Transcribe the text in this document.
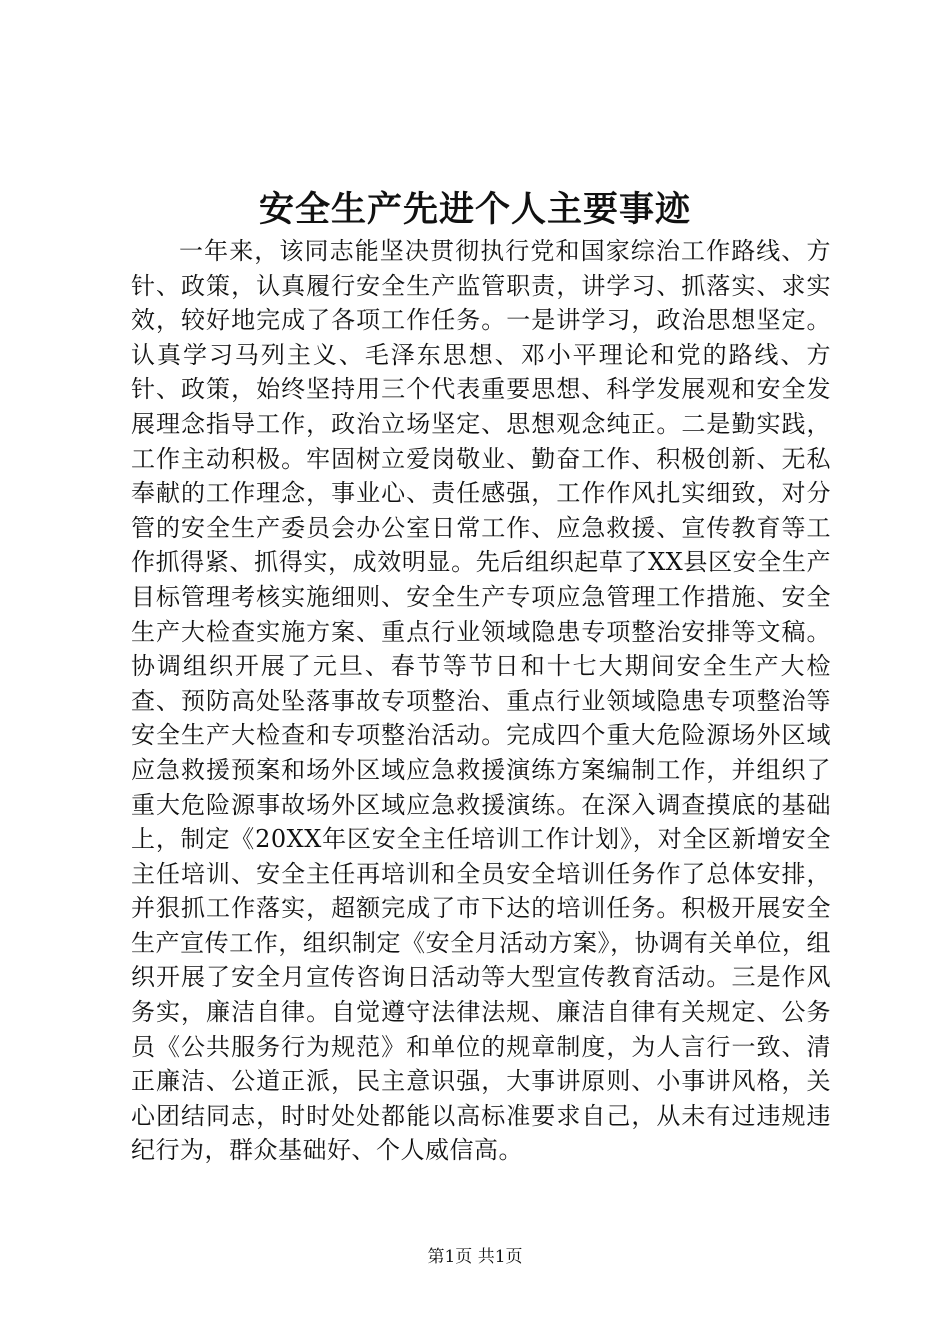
安全生产先进个人主要事迹

一年来，该同志能坚决贯彻执行党和国家综治工作路线、方针、政策，认真履行安全生产监管职责，讲学习、抓落实、求实效，较好地完成了各项工作任务。一是讲学习，政治思想坚定。认真学习马列主义、毛泽东思想、邓小平理论和党的路线、方针、政策，始终坚持用三个代表重要思想、科学发展观和安全发展理念指导工作，政治立场坚定、思想观念纯正。二是勤实践，工作主动积极。牢固树立爱岗敬业、勤奋工作、积极创新、无私奉献的工作理念，事业心、责任感强，工作作风扎实细致，对分管的安全生产委员会办公室日常工作、应急救援、宣传教育等工作抓得紧、抓得实，成效明显。先后组织起草了XX县区安全生产目标管理考核实施细则、安全生产专项应急管理工作措施、安全生产大检查实施方案、重点行业领域隐患专项整治安排等文稿。协调组织开展了元旦、春节等节日和十七大期间安全生产大检查、预防高处坠落事故专项整治、重点行业领域隐患专项整治等安全生产大检查和专项整治活动。完成四个重大危险源场外区域应急救援预案和场外区域应急救援演练方案编制工作，并组织了重大危险源事故场外区域应急救援演练。在深入调查摸底的基础上，制定《20XX年区安全主任培训工作计划》，对全区新增安全主任培训、安全主任再培训和全员安全培训任务作了总体安排，并狠抓工作落实，超额完成了市下达的培训任务。积极开展安全生产宣传工作，组织制定《安全月活动方案》，协调有关单位，组织开展了安全月宣传咨询日活动等大型宣传教育活动。三是作风务实，廉洁自律。自觉遵守法律法规、廉洁自律有关规定、公务员《公共服务行为规范》和单位的规章制度，为人言行一致、清正廉洁、公道正派，民主意识强，大事讲原则、小事讲风格，关心团结同志，时时处处都能以高标准要求自己，从未有过违规违纪行为，群众基础好、个人威信高。

第1页 共1页
